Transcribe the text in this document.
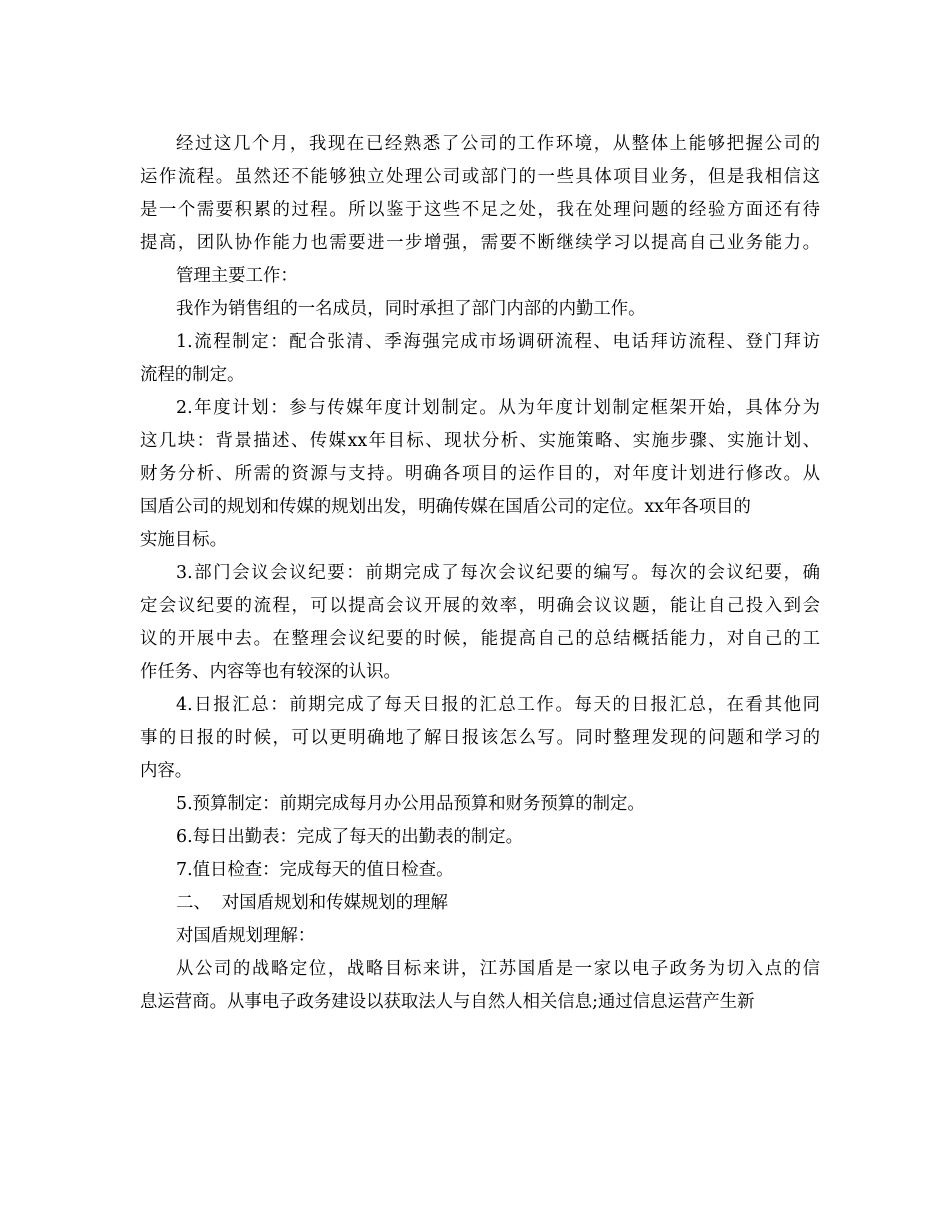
经过这几个月，我现在已经熟悉了公司的工作环境，从整体上能够把握公司的
运作流程。虽然还不能够独立处理公司或部门的一些具体项目业务，但是我相信这
是一个需要积累的过程。所以鉴于这些不足之处，我在处理问题的经验方面还有待
提高，团队协作能力也需要进一步增强，需要不断继续学习以提高自己业务能力。
管理主要工作：
我作为销售组的一名成员，同时承担了部门内部的内勤工作。
1.流程制定：配合张清、季海强完成市场调研流程、电话拜访流程、登门拜访
流程的制定。
2.年度计划：参与传媒年度计划制定。从为年度计划制定框架开始，具体分为
这几块：背景描述、传媒xx年目标、现状分析、实施策略、实施步骤、实施计划、
财务分析、所需的资源与支持。明确各项目的运作目的，对年度计划进行修改。从
国盾公司的规划和传媒的规划出发，明确传媒在国盾公司的定位。xx年各项目的
实施目标。
3.部门会议会议纪要：前期完成了每次会议纪要的编写。每次的会议纪要，确
定会议纪要的流程，可以提高会议开展的效率，明确会议议题，能让自己投入到会
议的开展中去。在整理会议纪要的时候，能提高自己的总结概括能力，对自己的工
作任务、内容等也有较深的认识。
4.日报汇总：前期完成了每天日报的汇总工作。每天的日报汇总，在看其他同
事的日报的时候，可以更明确地了解日报该怎么写。同时整理发现的问题和学习的
内容。
5.预算制定：前期完成每月办公用品预算和财务预算的制定。
6.每日出勤表：完成了每天的出勤表的制定。
7.值日检查：完成每天的值日检查。
二、  对国盾规划和传媒规划的理解
对国盾规划理解：
从公司的战略定位，战略目标来讲，江苏国盾是一家以电子政务为切入点的信
息运营商。从事电子政务建设以获取法人与自然人相关信息;通过信息运营产生新
